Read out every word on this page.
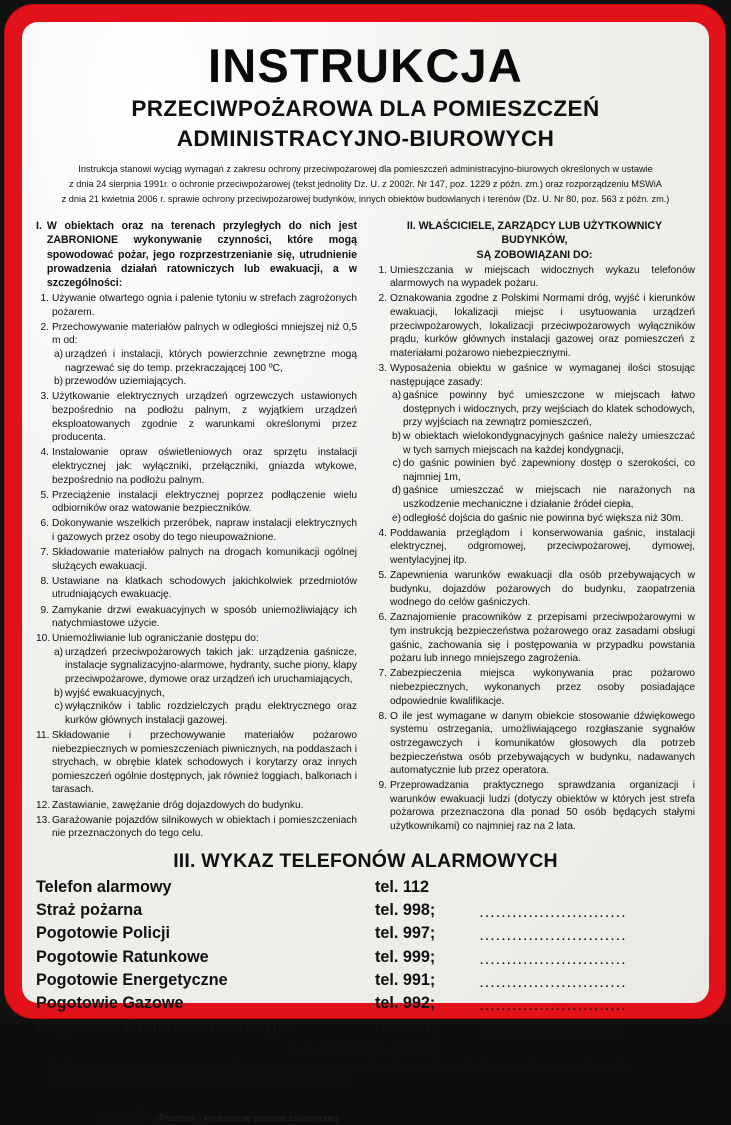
INSTRUKCJA
PRZECIWPOŻAROWA DLA POMIESZCZEŃ
ADMINISTRACYJNO-BIUROWYCH
Instrukcja stanowi wyciąg wymagań z zakresu ochrony przeciwpożarowej dla pomieszczeń administracyjno-biurowych określonych w ustawie
z dnia 24 sierpnia 1991r. o ochronie przeciwpożarowej (tekst jednolity Dz. U. z 2002r. Nr 147, poz. 1229 z późn. zm.) oraz rozporządzeniu MSWiA
z dnia 21 kwietnia 2006 r. sprawie ochrony przeciwpożarowej budynków, innych obiektów budowlanych i terenów (Dz. U. Nr 80, poz. 563 z późn. zm.)
I. W obiektach oraz na terenach przyległych do nich jest ZABRONIONE wykonywanie czynności, które mogą spowodować pożar, jego rozprzestrzenianie się, utrudnienie prowadzenia działań ratowniczych lub ewakuacji, a w szczególności:
1. Używanie otwartego ognia i palenie tytoniu w strefach zagrożonych pożarem.
2. Przechowywanie materiałów palnych w odległości mniejszej niż 0,5 m od:
a) urządzeń i instalacji, których powierzchnie zewnętrzne mogą nagrzewać się do temp. przekraczającej 100 ºC,
b) przewodów uziemiających.
3. Użytkowanie elektrycznych urządzeń ogrzewczych ustawionych bezpośrednio na podłożu palnym, z wyjątkiem urządzeń eksploatowanych zgodnie z warunkami określonymi przez producenta.
4. Instalowanie opraw oświetleniowych oraz sprzętu instalacji elektrycznej jak: wyłączniki, przełączniki, gniazda wtykowe, bezpośrednio na podłożu palnym.
5. Przeciążenie instalacji elektrycznej poprzez podłączenie wielu odbiorników oraz watowanie bezpieczników.
6. Dokonywanie wszelkich przeróbek, napraw instalacji elektrycznych i gazowych przez osoby do tego nieupoważnione.
7. Składowanie materiałów palnych na drogach komunikacji ogólnej służących ewakuacji.
8. Ustawiane na klatkach schodowych jakichkolwiek przedmiotów utrudniających ewakuację.
9. Zamykanie drzwi ewakuacyjnych w sposób uniemożliwiający ich natychmiastowe użycie.
10. Uniemożliwianie lub ograniczanie dostępu do:
a) urządzeń przeciwpożarowych takich jak: urządzenia gaśnicze, instalacje sygnalizacyjno-alarmowe, hydranty, suche piony, klapy przeciwpożarowe, dymowe oraz urządzeń ich uruchamiających,
b) wyjść ewakuacyjnych,
c) wyłączników i tablic rozdzielczych prądu elektrycznego oraz kurków głównych instalacji gazowej.
11. Składowanie i przechowywanie materiałów pożarowo niebezpiecznych w pomieszczeniach piwnicznych, na poddaszach i strychach, w obrębie klatek schodowych i korytarzy oraz innych pomieszczeń ogólnie dostępnych, jak również loggiach, balkonach i tarasach.
12. Zastawianie, zawężanie dróg dojazdowych do budynku.
13. Garażowanie pojazdów silnikowych w obiektach i pomieszczeniach nie przeznaczonych do tego celu.
II. WŁAŚCICIELE, ZARZĄDCY LUB UŻYTKOWNICY BUDYNKÓW,
SĄ ZOBOWIĄZANI DO:
1. Umieszczania w miejscach widocznych wykazu telefonów alarmowych na wypadek pożaru.
2. Oznakowania zgodne z Polskimi Normami dróg, wyjść i kierunków ewakuacji, lokalizacji miejsc i usytuowania urządzeń przeciwpożarowych, lokalizacji przeciwpożarowych wyłączników prądu, kurków głównych instalacji gazowej oraz pomieszczeń z materiałami pożarowo niebezpiecznymi.
3. Wyposażenia obiektu w gaśnice w wymaganej ilości stosując następujące zasady:
a) gaśnice powinny być umieszczone w miejscach łatwo dostępnych i widocznych, przy wejściach do klatek schodowych, przy wyjściach na zewnątrz pomieszczeń,
b) w obiektach wielokondygnacyjnych gaśnice należy umieszczać w tych samych miejscach na każdej kondygnacji,
c) do gaśnic powinien być zapewniony dostęp o szerokości, co najmniej 1m,
d) gaśnice umieszczać w miejscach nie narażonych na uszkodzenie mechaniczne i działanie źródeł ciepła,
e) odległość dojścia do gaśnic nie powinna być większa niż 30m.
4. Poddawania przeglądom i konserwowania gaśnic, instalacji elektrycznej, odgromowej, przeciwpożarowej, dymowej, wentylacyjnej itp.
5. Zapewnienia warunków ewakuacji dla osób przebywających w budynku, dojazdów pożarowych do budynku, zaopatrzenia wodnego do celów gaśniczych.
6. Zaznajomienie pracowników z przepisami przeciwpożarowymi w tym instrukcją bezpieczeństwa pożarowego oraz zasadami obsługi gaśnic, zachowania się i postępowania w przypadku powstania pożaru lub innego mniejszego zagrożenia.
7. Zabezpieczenia miejsca wykonywania prac pożarowo niebezpiecznych, wykonanych przez osoby posiadające odpowiednie kwalifikacje.
8. O ile jest wymagane w danym obiekcie stosowanie dźwiękowego systemu ostrzegania, umożliwiającego rozgłaszanie sygnałów ostrzegawczych i komunikatów głosowych dla potrzeb bezpieczeństwa osób przebywających w budynku, nadawanych automatycznie lub przez operatora.
9. Przeprowadzania praktycznego sprawdzania organizacji i warunków ewakuacji ludzi (dotyczy obiektów w których jest strefa pożarowa przeznaczona dla ponad 50 osób będących stałymi użytkownikami) co najmniej raz na 2 lata.
III. WYKAZ TELEFONÓW ALARMOWYCH
Telefon alarmowy	tel. 112	
Straż pożarna	tel. 998;	...........................
Pogotowie Policji	tel. 997;	...........................
Pogotowie Ratunkowe	tel. 999;	...........................
Pogotowie Energetyczne	tel. 991;	...........................
Pogotowie Gazowe	tel. 992;	...........................
Pogotowie Wodno - kanalizacyjne	tel. 994;	...........................
IV. POSTANOWIENIA KOŃCOWE
Osoby nie przestrzegające postanowień instrukcji i przepisów przeciwpożarowych podlegają sankcjom służbowym ustalonym przez właściciela,
zarządcę, użytkownika obiektu lub kodeksu karnego i kodeksu wykroczeń.
ANRO® (Przedruk i kopiowanie prawnie zabronione)
